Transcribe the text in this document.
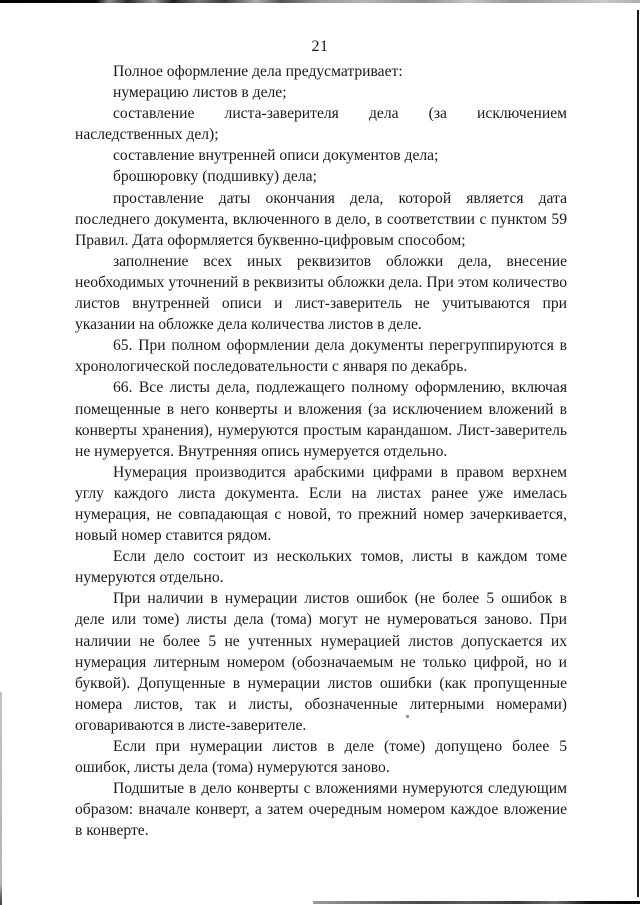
21

Полное оформление дела предусматривает:

нумерацию листов в деле;

составление листа-заверителя дела (за исключением наследственных дел);

составление внутренней описи документов дела;

брошюровку (подшивку) дела;

проставление даты окончания дела, которой является дата последнего документа, включенного в дело, в соответствии с пунктом 59 Правил. Дата оформляется буквенно-цифровым способом;

заполнение всех иных реквизитов обложки дела, внесение необходимых уточнений в реквизиты обложки дела. При этом количество листов внутренней описи и лист-заверитель не учитываются при указании на обложке дела количества листов в деле.

65. При полном оформлении дела документы перегруппируются в хронологической последовательности с января по декабрь.

66. Все листы дела, подлежащего полному оформлению, включая помещенные в него конверты и вложения (за исключением вложений в конверты хранения), нумеруются простым карандашом. Лист-заверитель не нумеруется. Внутренняя опись нумеруется отдельно.

Нумерация производится арабскими цифрами в правом верхнем углу каждого листа документа. Если на листах ранее уже имелась нумерация, не совпадающая с новой, то прежний номер зачеркивается, новый номер ставится рядом.

Если дело состоит из нескольких томов, листы в каждом томе нумеруются отдельно.

При наличии в нумерации листов ошибок (не более 5 ошибок в деле или томе) листы дела (тома) могут не нумероваться заново. При наличии не более 5 не учтенных нумерацией листов допускается их нумерация литерным номером (обозначаемым не только цифрой, но и буквой). Допущенные в нумерации листов ошибки (как пропущенные номера листов, так и листы, обозначенные литерными номерами) оговариваются в листе-заверителе.

Если при нумерации листов в деле (томе) допущено более 5 ошибок, листы дела (тома) нумеруются заново.

Подшитые в дело конверты с вложениями нумеруются следующим образом: вначале конверт, а затем очередным номером каждое вложение в конверте.
